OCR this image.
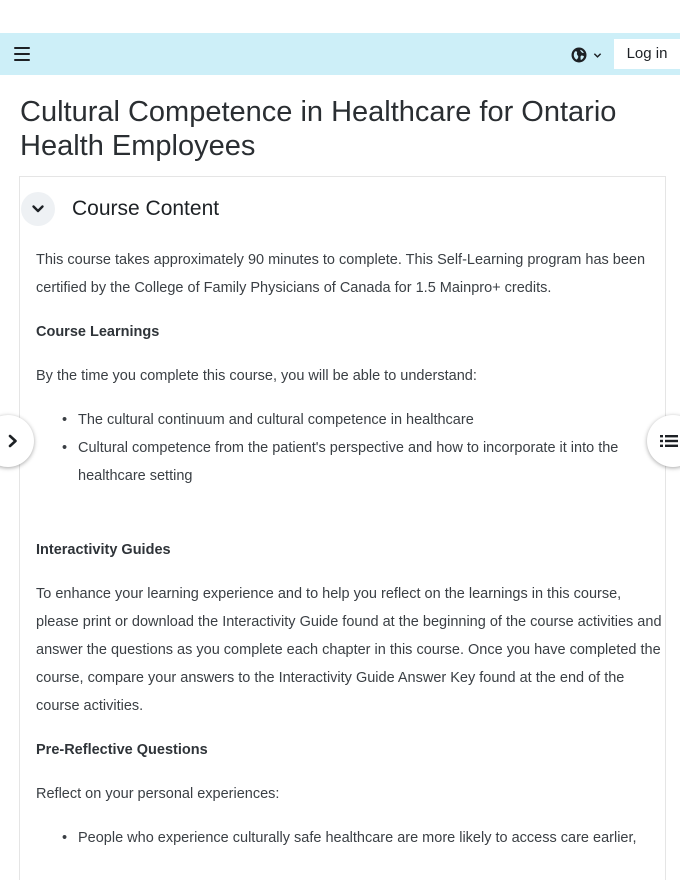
Log in
Cultural Competence in Healthcare for Ontario Health Employees
Course Content

This course takes approximately 90 minutes to complete. This Self-Learning program has been certified by the College of Family Physicians of Canada for 1.5 Mainpro+ credits.

Course Learnings

By the time you complete this course, you will be able to understand:

• The cultural continuum and cultural competence in healthcare
• Cultural competence from the patient's perspective and how to incorporate it into the healthcare setting

Interactivity Guides

To enhance your learning experience and to help you reflect on the learnings in this course, please print or download the Interactivity Guide found at the beginning of the course activities and answer the questions as you complete each chapter in this course. Once you have completed the course, compare your answers to the Interactivity Guide Answer Key found at the end of the course activities.

Pre-Reflective Questions

Reflect on your personal experiences:

• People who experience culturally safe healthcare are more likely to access care earlier,
